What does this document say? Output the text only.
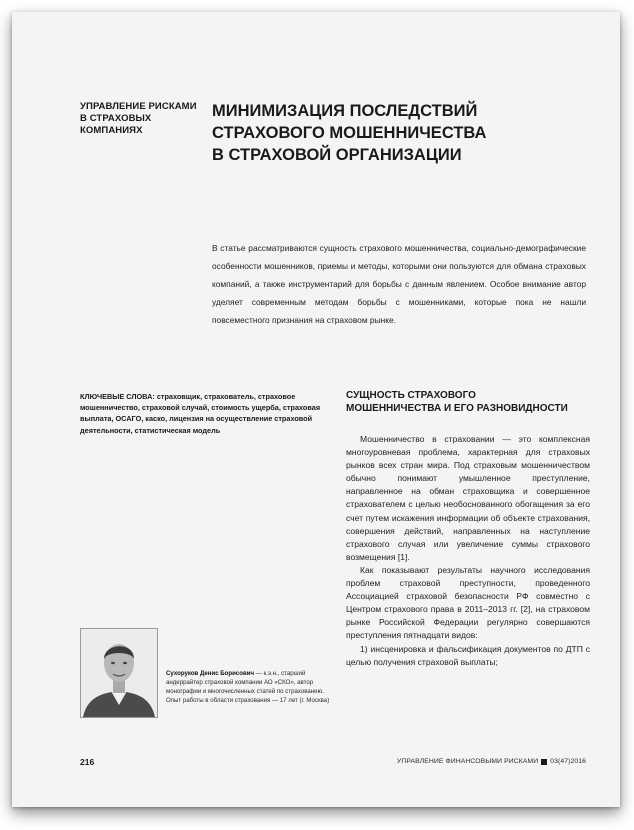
УПРАВЛЕНИЕ РИСКАМИ
В СТРАХОВЫХ
КОМПАНИЯХ
МИНИМИЗАЦИЯ ПОСЛЕДСТВИЙ
СТРАХОВОГО МОШЕННИЧЕСТВА
В СТРАХОВОЙ ОРГАНИЗАЦИИ
В статье рассматриваются сущность страхового мошенничества, социально-демографические особенности мошенников, приемы и методы, которыми они пользуются для обмана страховых компаний, а также инструментарий для борьбы с данным явлением. Особое внимание автор уделяет современным методам борьбы с мошенниками, которые пока не нашли повсеместного признания на страховом рынке.
КЛЮЧЕВЫЕ СЛОВА: страховщик, страхователь, страховое мошенничество, страховой случай, стоимость ущерба, страховая выплата, ОСАГО, каско, лицензия на осуществление страховой деятельности, статистическая модель
СУЩНОСТЬ СТРАХОВОГО
МОШЕННИЧЕСТВА И ЕГО РАЗНОВИДНОСТИ

Мошенничество в страховании — это комплексная многоуровневая проблема, характерная для страховых рынков всех стран мира. Под страховым мошенничеством обычно понимают умышленное преступление, направленное на обман страховщика и совершенное страхователем с целью необоснованного обогащения за его счет путем искажения информации об объекте страхования, совершения действий, направленных на наступление страхового случая или увеличение суммы страхового возмещения [1].

Как показывают результаты научного исследования проблем страховой преступности, проведенного Ассоциацией страховой безопасности РФ совместно с Центром страхового права в 2011–2013 гг. [2], на страховом рынке Российской Федерации регулярно совершаются преступления пятнадцати видов:

1) инсценировка и фальсификация документов по ДТП с целью получения страховой выплаты;

Сухоруков Денис Борисович — к.э.н., старший андеррайтер страховой компании АО «СКО», автор монографии и многочисленных статей по страхованию. Опыт работы в области страхования — 17 лет (г. Москва)
216	УПРАВЛЕНИЕ ФИНАНСОВЫМИ РИСКАМИ 03(47)2016
